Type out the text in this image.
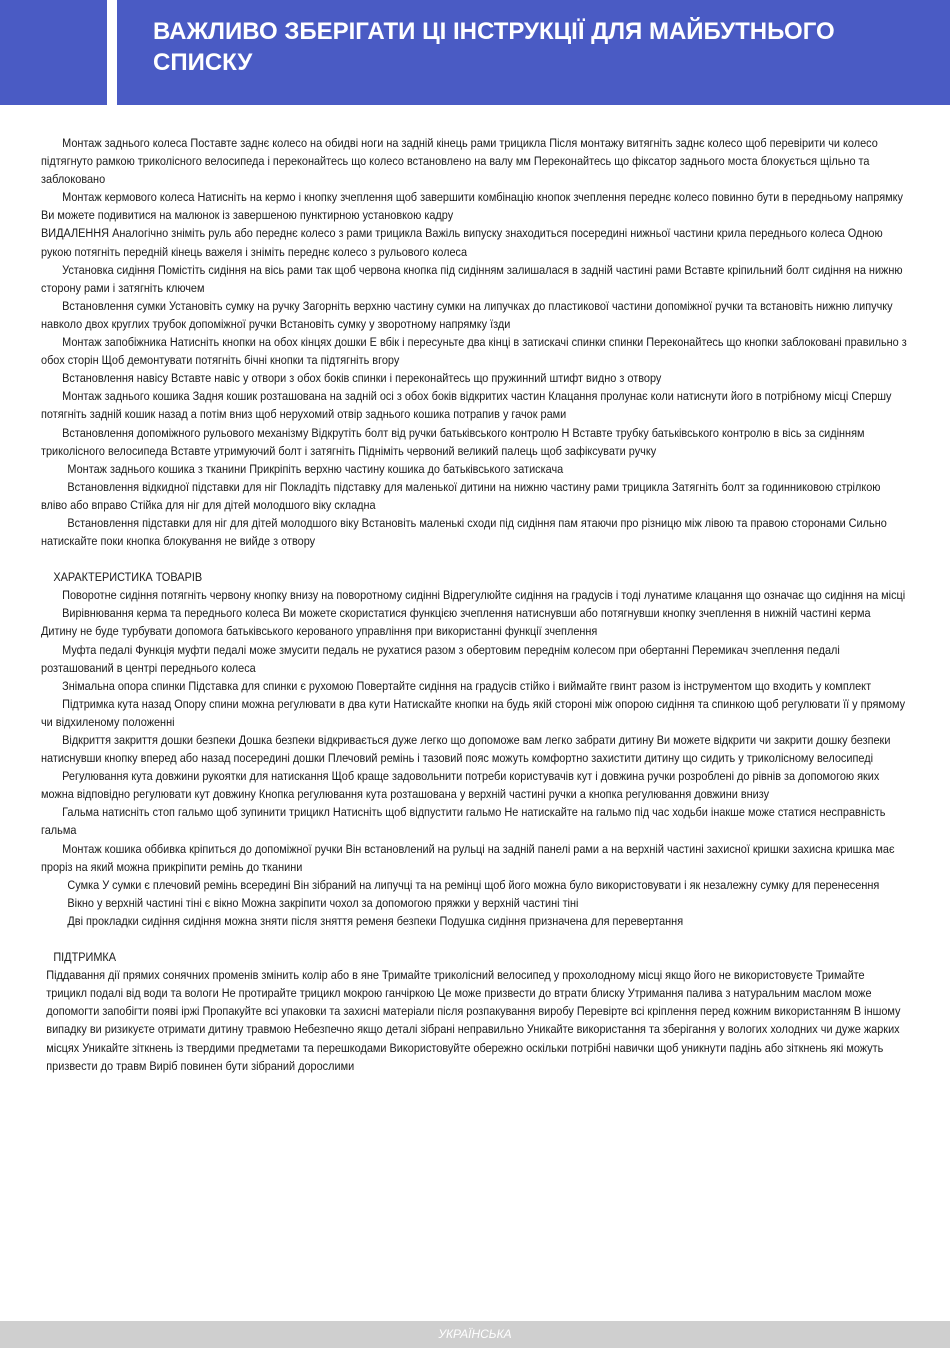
ВАЖЛИВО ЗБЕРІГАТИ ЦІ ІНСТРУКЦІЇ ДЛЯ МАЙБУТНЬОГО СПИСКУ

Монтаж заднього колеса Поставте заднє колесо на обидві ноги на задній кінець рами трицикла Після монтажу витягніть заднє колесо щоб перевірити чи колесо підтягнуто рамкою триколісного велосипеда і переконайтесь що колесо встановлено на валу мм Переконайтесь що фіксатор заднього моста блокується щільно та заблоковано

Монтаж кермового колеса Натисніть на кермо і кнопку зчеплення щоб завершити комбінацію кнопок зчеплення переднє колесо повинно бути в передньому напрямку Ви можете подивитися на малюнок із завершеною пунктирною установкою кадру

ВИДАЛЕННЯ Аналогічно зніміть руль або переднє колесо з рами трицикла Важіль випуску знаходиться посередині нижньої частини крила переднього колеса Одною рукою потягніть передній кінець важеля і зніміть переднє колесо з рульового колеса

Установка сидіння Помістіть сидіння на вісь рами так щоб червона кнопка під сидінням залишалася в задній частині рами Вставте кріпильний болт сидіння на нижню сторону рами і затягніть ключем

Встановлення сумки Установіть сумку на ручку Загорніть верхню частину сумки на липучках до пластикової частини допоміжної ручки та встановіть нижню липучку навколо двох круглих трубок допоміжної ручки Встановіть сумку у зворотному напрямку їзди

Монтаж запобіжника Натисніть кнопки на обох кінцях дошки Е вбік і пересуньте два кінці в затискачі спинки спинки Переконайтесь що кнопки заблоковані правильно з обох сторін Щоб демонтувати потягніть бічні кнопки та підтягніть вгору

Встановлення навісу Вставте навіс у отвори з обох боків спинки і переконайтесь що пружинний штифт видно з отвору

Монтаж заднього кошика Задня кошик розташована на задній осі з обох боків відкритих частин Клацання пролунає коли натиснути його в потрібному місці Спершу потягніть задній кошик назад а потім вниз щоб нерухомий отвір заднього кошика потрапив у гачок рами

Встановлення допоміжного рульового механізму Відкрутіть болт від ручки батьківського контролю Н Вставте трубку батьківського контролю в вісь за сидінням триколісного велосипеда Вставте утримуючий болт і затягніть Підніміть червоний великий палець щоб зафіксувати ручку

Монтаж заднього кошика з тканини Прикріпіть верхню частину кошика до батьківського затискача

Встановлення відкидної підставки для ніг Покладіть підставку для маленької дитини на нижню частину рами трицикла Затягніть болт за годинниковою стрілкою вліво або вправо Стійка для ніг для дітей молодшого віку складна

Встановлення підставки для ніг для дітей молодшого віку Встановіть маленькі сходи під сидіння пам ятаючи про різницю між лівою та правою сторонами Сильно натискайте поки кнопка блокування не вийде з отвору

ХАРАКТЕРИСТИКА ТОВАРІВ

Поворотне сидіння потягніть червону кнопку внизу на поворотному сидінні Відрегулюйте сидіння на градусів і тоді лунатиме клацання що означає що сидіння на місці

Вирівнювання керма та переднього колеса Ви можете скористатися функцією зчеплення натиснувши або потягнувши кнопку зчеплення в нижній частині керма Дитину не буде турбувати допомога батьківського керованого управління при використанні функції зчеплення

Муфта педалі Функція муфти педалі може змусити педаль не рухатися разом з обертовим переднім колесом при обертанні Перемикач зчеплення педалі розташований в центрі переднього колеса

Знімальна опора спинки Підставка для спинки є рухомою Повертайте сидіння на градусів стійко і виймайте гвинт разом із інструментом що входить у комплект

Підтримка кута назад Опору спини можна регулювати в два кути Натискайте кнопки на будь якій стороні між опорою сидіння та спинкою щоб регулювати її у прямому чи відхиленому положенні

Відкриття закриття дошки безпеки Дошка безпеки відкривається дуже легко що допоможе вам легко забрати дитину Ви можете відкрити чи закрити дошку безпеки натиснувши кнопку вперед або назад посередині дошки Плечовий ремінь і тазовий пояс можуть комфортно захистити дитину що сидить у триколісному велосипеді

Регулювання кута довжини рукоятки для натискання Щоб краще задовольнити потреби користувачів кут і довжина ручки розроблені до рівнів за допомогою яких можна відповідно регулювати кут довжину Кнопка регулювання кута розташована у верхній частині ручки а кнопка регулювання довжини внизу

Гальма натисніть стоп гальмо щоб зупинити трицикл Натисніть щоб відпустити гальмо Не натискайте на гальмо під час ходьби інакше може статися несправність гальма

Монтаж кошика оббивка кріпиться до допоміжної ручки Він встановлений на рульці на задній панелі рами а на верхній частині захисної кришки захисна кришка має проріз на який можна прикріпити ремінь до тканини

Сумка У сумки є плечовий ремінь всередині Він зібраний на липучці та на ремінці щоб його можна було використовувати і як незалежну сумку для перенесення

Вікно у верхній частині тіні є вікно Можна закріпити чохол за допомогою пряжки у верхній частині тіні

Дві прокладки сидіння сидіння можна зняти після зняття ременя безпеки Подушка сидіння призначена для перевертання

ПІДТРИМКА

Піддавання дії прямих сонячних променів змінить колір або в яне Тримайте триколісний велосипед у прохолодному місці якщо його не використовуєте Тримайте трицикл подалі від води та вологи Не протирайте трицикл мокрою ганчіркою Це може призвести до втрати блиску Утримання палива з натуральним маслом може допомогти запобігти появі іржі Пропакуйте всі упаковки та захисні матеріали після розпакування виробу Перевірте всі кріплення перед кожним використанням В іншому випадку ви ризикуєте отримати дитину травмою Небезпечно якщо деталі зібрані неправильно Уникайте використання та зберігання у вологих холодних чи дуже жарких місцях Уникайте зіткнень із твердими предметами та перешкодами Використовуйте обережно оскільки потрібні навички щоб уникнути падінь або зіткнень які можуть призвести до травм Виріб повинен бути зібраний дорослими

УКРАЇНСЬКА
